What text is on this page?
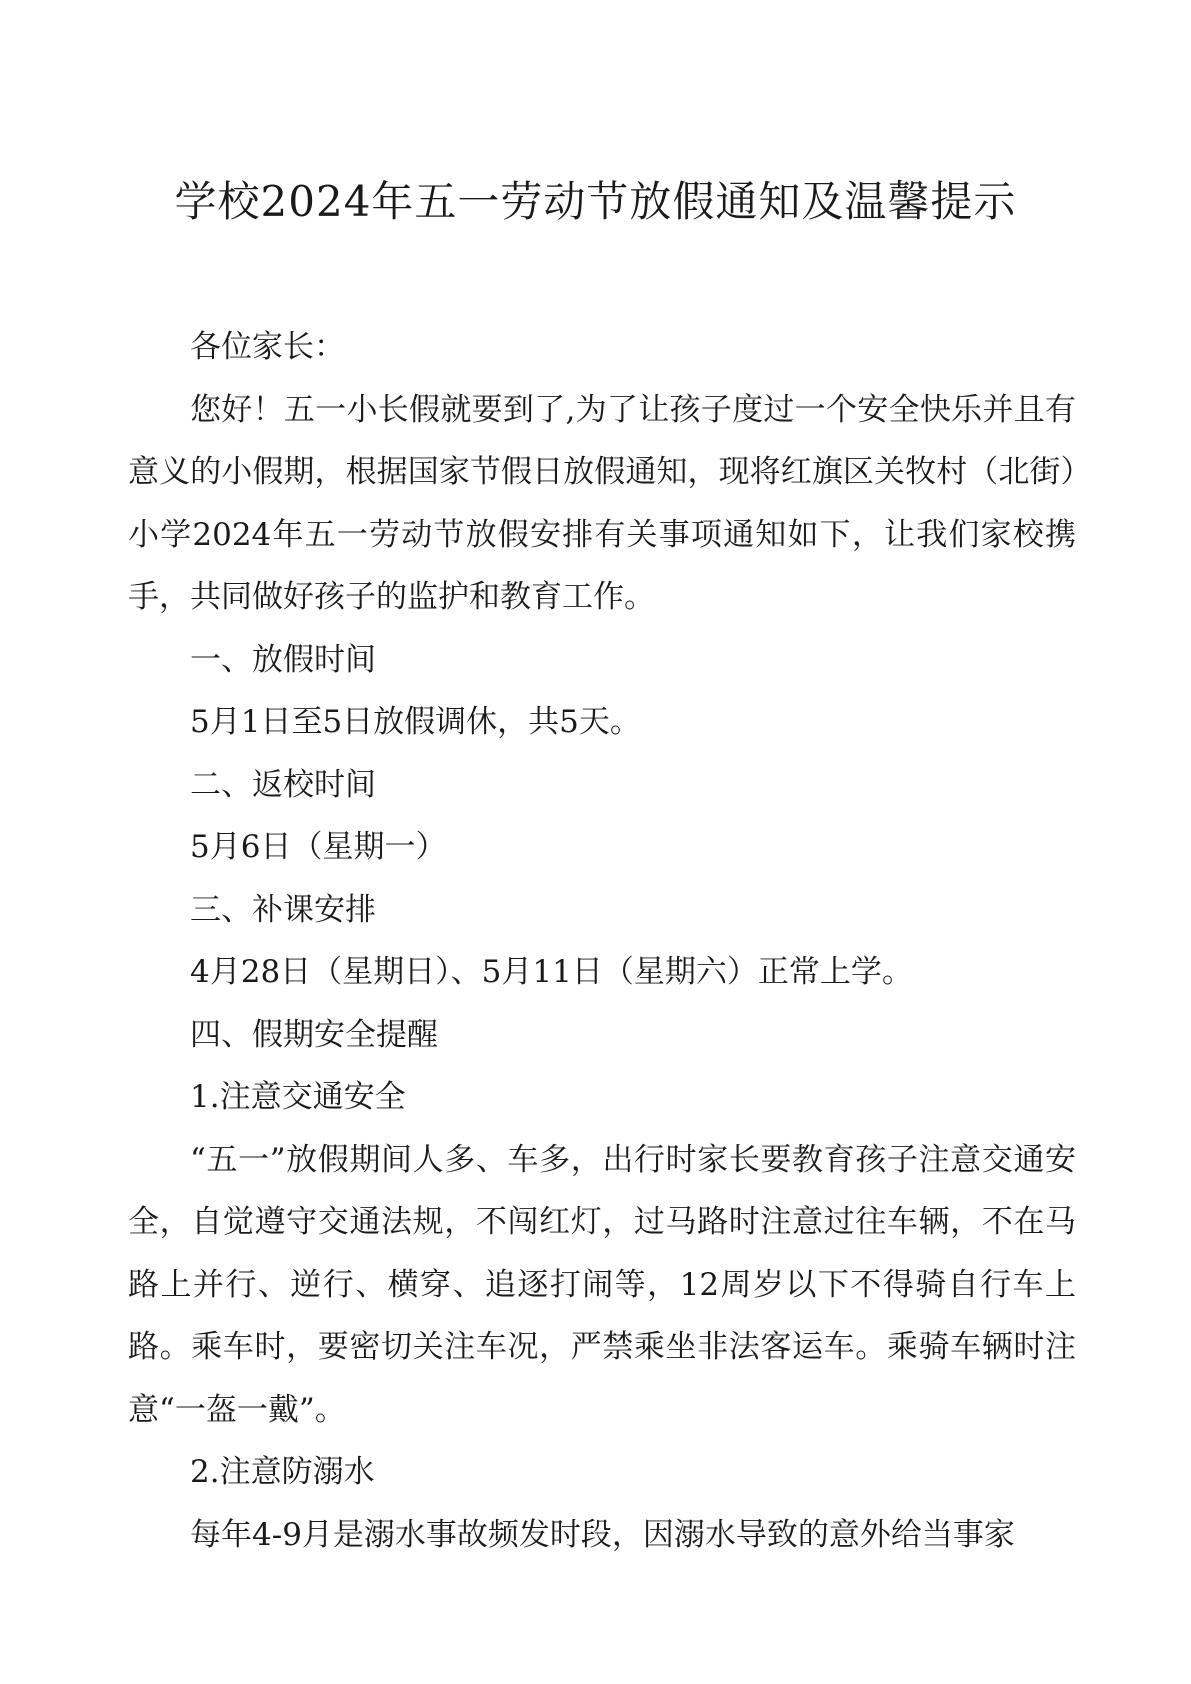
学校2024年五一劳动节放假通知及温馨提示

各位家长：

您好！五一小长假就要到了,为了让孩子度过一个安全快乐并且有意义的小假期，根据国家节假日放假通知，现将红旗区关牧村（北街）小学2024年五一劳动节放假安排有关事项通知如下，让我们家校携手，共同做好孩子的监护和教育工作。

一、放假时间

5月1日至5日放假调休，共5天。

二、返校时间

5月6日（星期一）

三、补课安排

4月28日（星期日）、5月11日（星期六）正常上学。

四、假期安全提醒

1.注意交通安全

“五一”放假期间人多、车多，出行时家长要教育孩子注意交通安全，自觉遵守交通法规，不闯红灯，过马路时注意过往车辆，不在马路上并行、逆行、横穿、追逐打闹等，12周岁以下不得骑自行车上路。乘车时，要密切关注车况，严禁乘坐非法客运车。乘骑车辆时注意“一盔一戴”。

2.注意防溺水

每年4-9月是溺水事故频发时段，因溺水导致的意外给当事家
